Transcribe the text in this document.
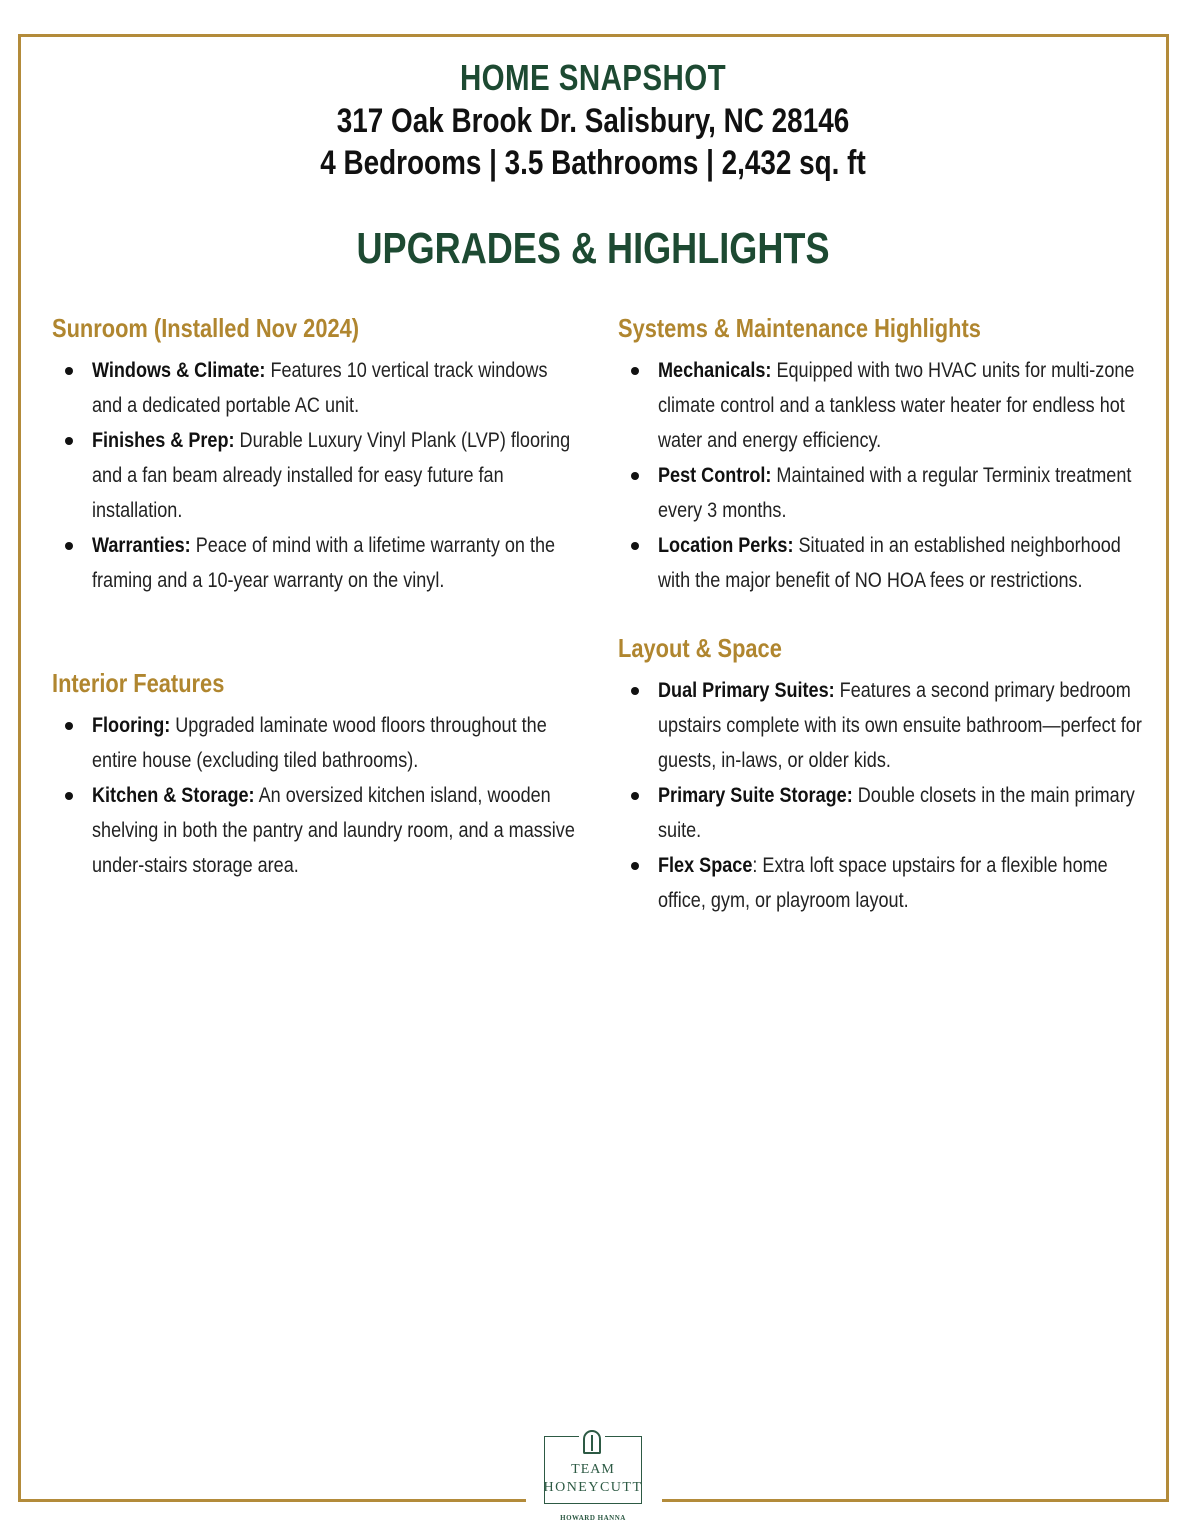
HOME SNAPSHOT
317 Oak Brook Dr. Salisbury, NC 28146
4 Bedrooms | 3.5 Bathrooms | 2,432 sq. ft
UPGRADES & HIGHLIGHTS
Sunroom (Installed Nov 2024)
Windows & Climate: Features 10 vertical track windows and a dedicated portable AC unit.
Finishes & Prep: Durable Luxury Vinyl Plank (LVP) flooring and a fan beam already installed for easy future fan installation.
Warranties: Peace of mind with a lifetime warranty on the framing and a 10-year warranty on the vinyl.
Interior Features
Flooring: Upgraded laminate wood floors throughout the entire house (excluding tiled bathrooms).
Kitchen & Storage: An oversized kitchen island, wooden shelving in both the pantry and laundry room, and a massive under-stairs storage area.
Systems & Maintenance Highlights
Mechanicals: Equipped with two HVAC units for multi-zone climate control and a tankless water heater for endless hot water and energy efficiency.
Pest Control: Maintained with a regular Terminix treatment every 3 months.
Location Perks: Situated in an established neighborhood with the major benefit of NO HOA fees or restrictions.
Layout & Space
Dual Primary Suites: Features a second primary bedroom upstairs complete with its own ensuite bathroom—perfect for guests, in-laws, or older kids.
Primary Suite Storage: Double closets in the main primary suite.
Flex Space: Extra loft space upstairs for a flexible home office, gym, or playroom layout.
TEAM
HONEYCUTT
HOWARD HANNA
